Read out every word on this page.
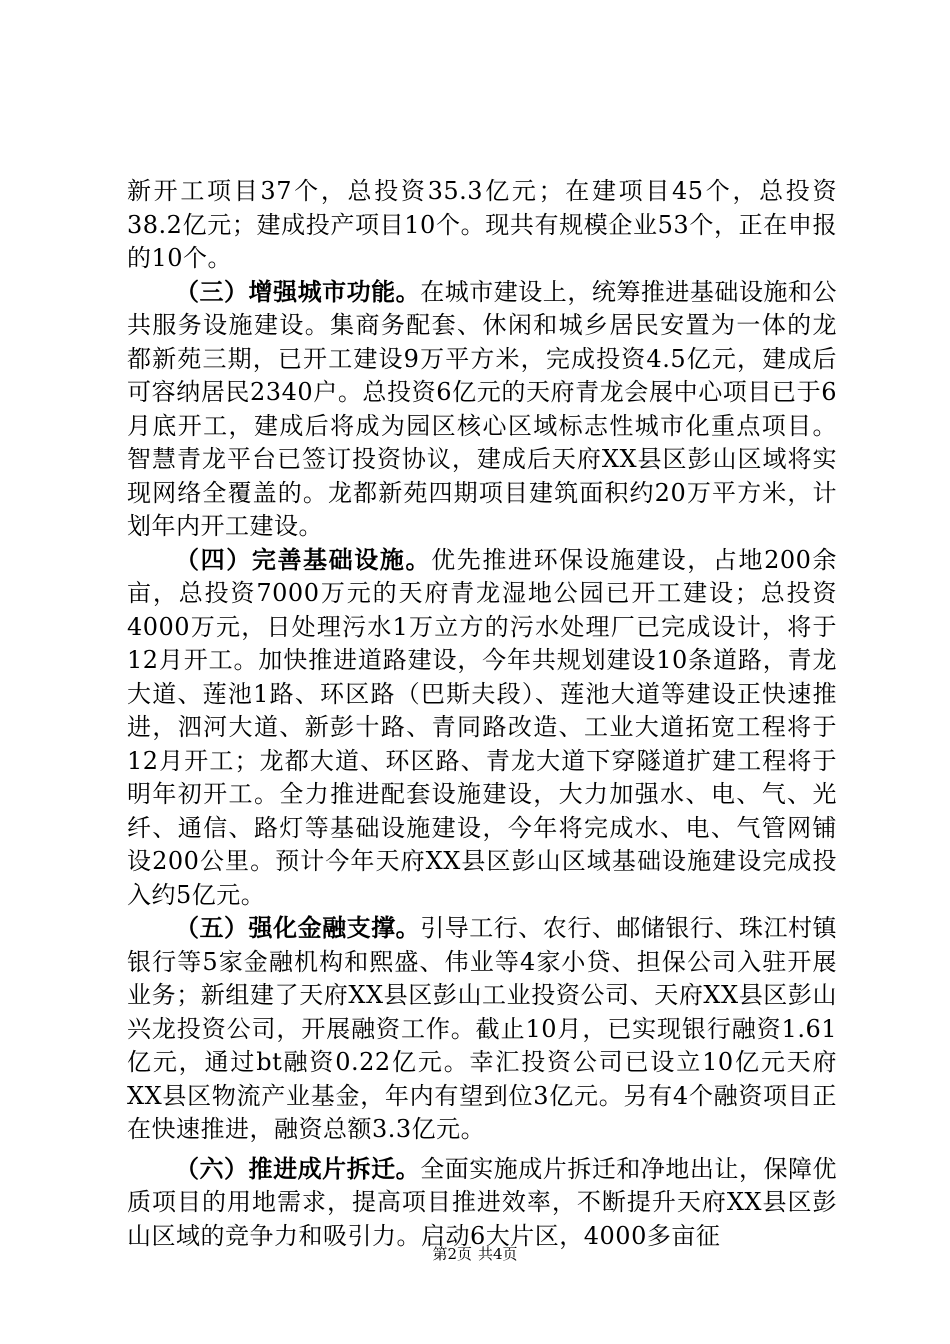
新开工项目37个，总投资35.3亿元；在建项目45个，总投资38.2亿元；建成投产项目10个。现共有规模企业53个，正在申报的10个。

（三）增强城市功能。在城市建设上，统筹推进基础设施和公共服务设施建设。集商务配套、休闲和城乡居民安置为一体的龙都新苑三期，已开工建设9万平方米，完成投资4.5亿元，建成后可容纳居民2340户。总投资6亿元的天府青龙会展中心项目已于6月底开工，建成后将成为园区核心区域标志性城市化重点项目。智慧青龙平台已签订投资协议，建成后天府XX县区彭山区域将实现网络全覆盖的。龙都新苑四期项目建筑面积约20万平方米，计划年内开工建设。

（四）完善基础设施。优先推进环保设施建设，占地200余亩，总投资7000万元的天府青龙湿地公园已开工建设；总投资4000万元，日处理污水1万立方的污水处理厂已完成设计，将于12月开工。加快推进道路建设，今年共规划建设10条道路，青龙大道、莲池1路、环区路（巴斯夫段）、莲池大道等建设正快速推进，泗河大道、新彭十路、青同路改造、工业大道拓宽工程将于12月开工；龙都大道、环区路、青龙大道下穿隧道扩建工程将于明年初开工。全力推进配套设施建设，大力加强水、电、气、光纤、通信、路灯等基础设施建设，今年将完成水、电、气管网铺设200公里。预计今年天府XX县区彭山区域基础设施建设完成投入约5亿元。

（五）强化金融支撑。引导工行、农行、邮储银行、珠江村镇银行等5家金融机构和熙盛、伟业等4家小贷、担保公司入驻开展业务；新组建了天府XX县区彭山工业投资公司、天府XX县区彭山兴龙投资公司，开展融资工作。截止10月，已实现银行融资1.61亿元，通过bt融资0.22亿元。幸汇投资公司已设立10亿元天府XX县区物流产业基金，年内有望到位3亿元。另有4个融资项目正在快速推进，融资总额3.3亿元。

（六）推进成片拆迁。全面实施成片拆迁和净地出让，保障优质项目的用地需求，提高项目推进效率，不断提升天府XX县区彭山区域的竞争力和吸引力。启动6大片区，4000多亩征

第2页 共4页
